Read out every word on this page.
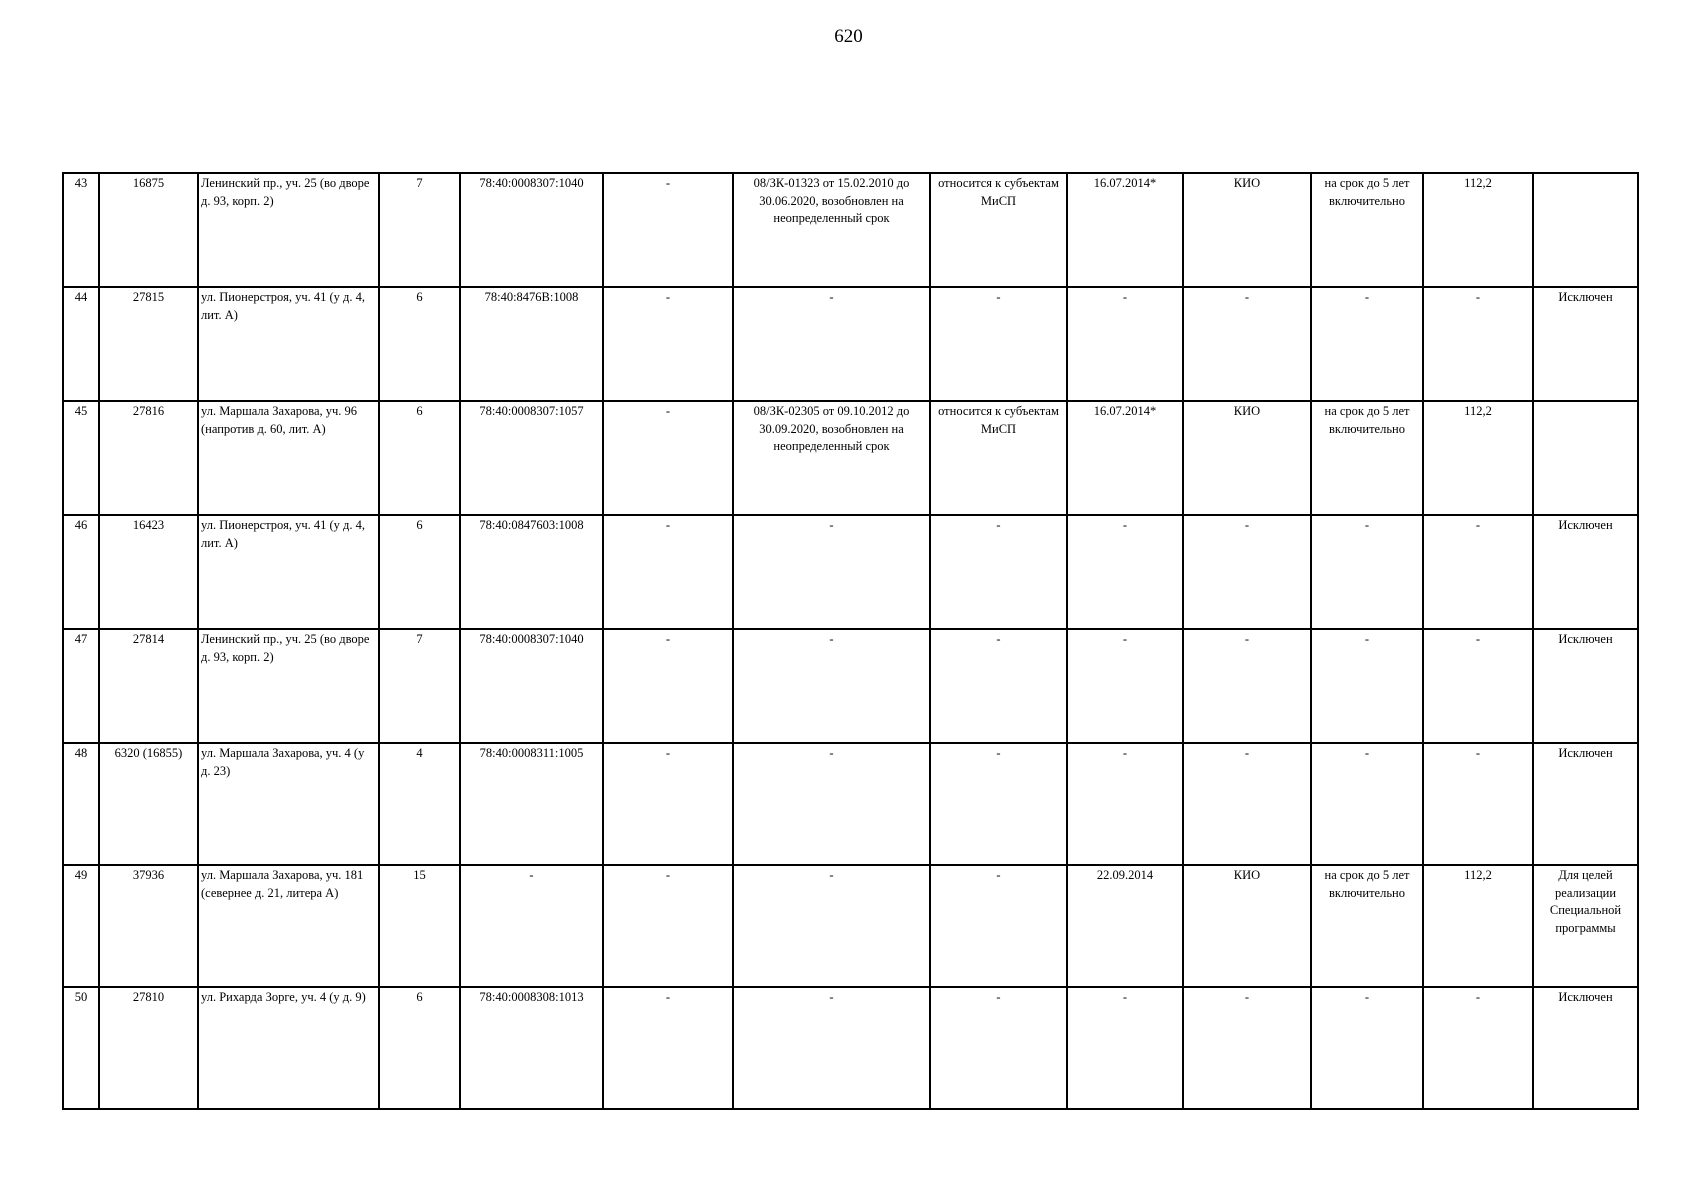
620
43	16875	Ленинский пр., уч. 25 (во дворе д. 93, корп. 2)	7	78:40:0008307:1040	-	08/ЗК-01323 от 15.02.2010 до 30.06.2020, возобновлен на неопределенный срок	относится к субъектам МиСП	16.07.2014*	КИО	на срок до 5 лет включительно	112,2	
44	27815	ул. Пионерстроя, уч. 41 (у д. 4, лит. А)	6	78:40:8476В:1008	-	-	-	-	-	-	-	Исключен
45	27816	ул. Маршала Захарова, уч. 96 (напротив д. 60, лит. А)	6	78:40:0008307:1057	-	08/ЗК-02305 от 09.10.2012 до 30.09.2020, возобновлен на неопределенный срок	относится к субъектам МиСП	16.07.2014*	КИО	на срок до 5 лет включительно	112,2	
46	16423	ул. Пионерстроя, уч. 41 (у д. 4, лит. А)	6	78:40:0847603:1008	-	-	-	-	-	-	-	Исключен
47	27814	Ленинский пр., уч. 25 (во дворе д. 93, корп. 2)	7	78:40:0008307:1040	-	-	-	-	-	-	-	Исключен
48	6320 (16855)	ул. Маршала Захарова, уч. 4 (у д. 23)	4	78:40:0008311:1005	-	-	-	-	-	-	-	Исключен
49	37936	ул. Маршала Захарова, уч. 181 (севернее д. 21, литера А)	15	-	-	-	-	22.09.2014	КИО	на срок до 5 лет включительно	112,2	Для целей реализации Специальной программы
50	27810	ул. Рихарда Зорге, уч. 4 (у д. 9)	6	78:40:0008308:1013	-	-	-	-	-	-	-	Исключен
